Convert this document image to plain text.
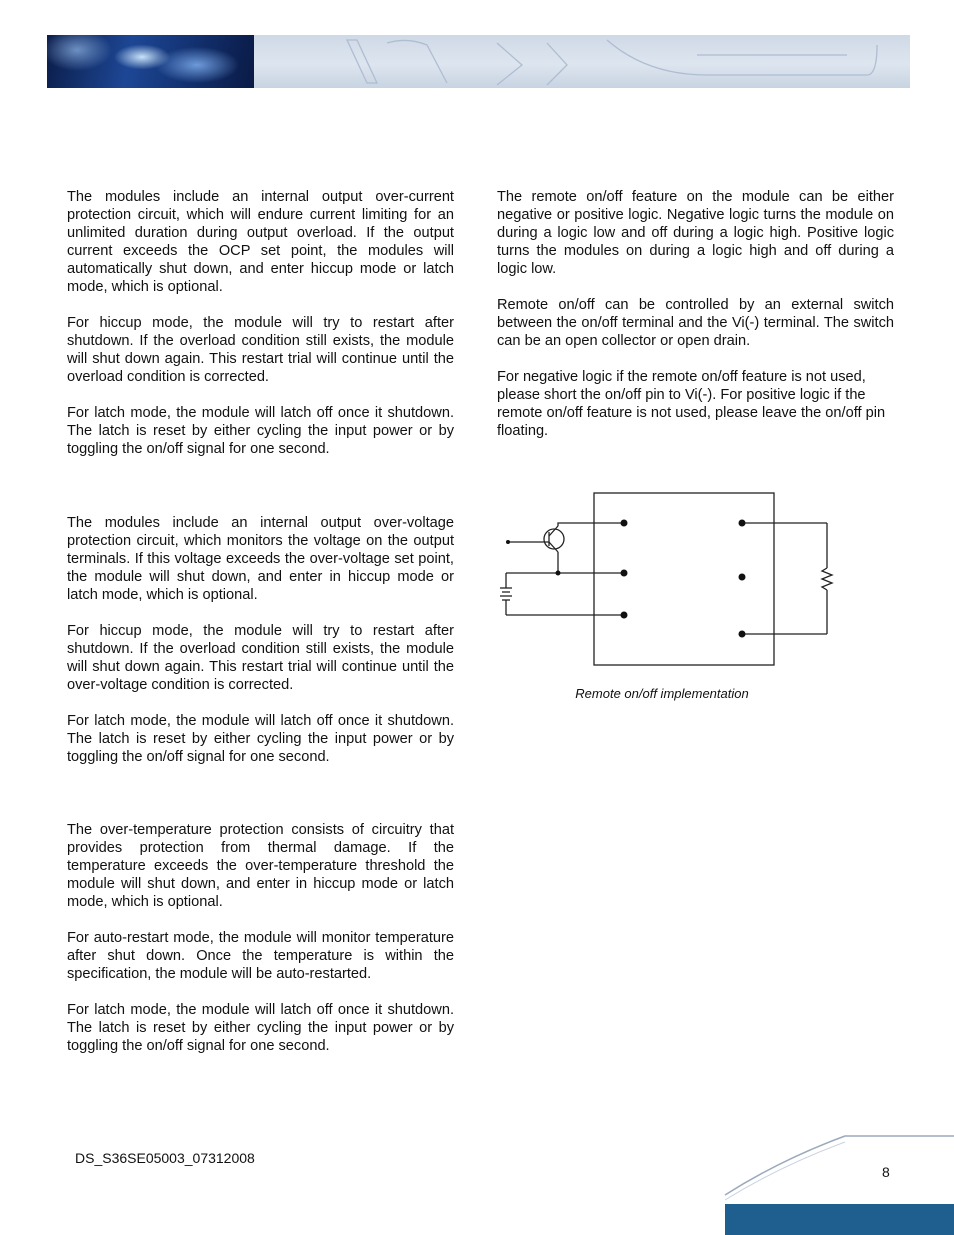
The modules include an internal output over-current protection circuit, which will endure current limiting for an unlimited duration during output overload. If the output current exceeds the OCP set point, the modules will automatically shut down, and enter hiccup mode or latch mode, which is optional.

For hiccup mode, the module will try to restart after shutdown. If the overload condition still exists, the module will shut down again. This restart trial will continue until the overload condition is corrected.

For latch mode, the module will latch off once it shutdown. The latch is reset by either cycling the input power or by toggling the on/off signal for one second.

The modules include an internal output over-voltage protection circuit, which monitors the voltage on the output terminals. If this voltage exceeds the over-voltage set point, the module will shut down, and enter in hiccup mode or latch mode, which is optional.

For hiccup mode, the module will try to restart after shutdown. If the overload condition still exists, the module will shut down again. This restart trial will continue until the over-voltage condition is corrected.

For latch mode, the module will latch off once it shutdown. The latch is reset by either cycling the input power or by toggling the on/off signal for one second.

The over-temperature protection consists of circuitry that provides protection from thermal damage. If the temperature exceeds the over-temperature threshold the module will shut down, and enter in hiccup mode or latch mode, which is optional.

For auto-restart mode, the module will monitor temperature after shut down. Once the temperature is within the specification, the module will be auto-restarted.

For latch mode, the module will latch off once it shutdown. The latch is reset by either cycling the input power or by toggling the on/off signal for one second.

The remote on/off feature on the module can be either negative or positive logic. Negative logic turns the module on during a logic low and off during a logic high. Positive logic turns the modules on during a logic high and off during a logic low.

Remote on/off can be controlled by an external switch between the on/off terminal and the Vi(-) terminal. The switch can be an open collector or open drain.

For negative logic if the remote on/off feature is not used, please short the on/off pin to Vi(-). For positive logic if the remote on/off feature is not used, please leave the on/off pin floating.

Remote on/off implementation
DS_S36SE05003_07312008
8
